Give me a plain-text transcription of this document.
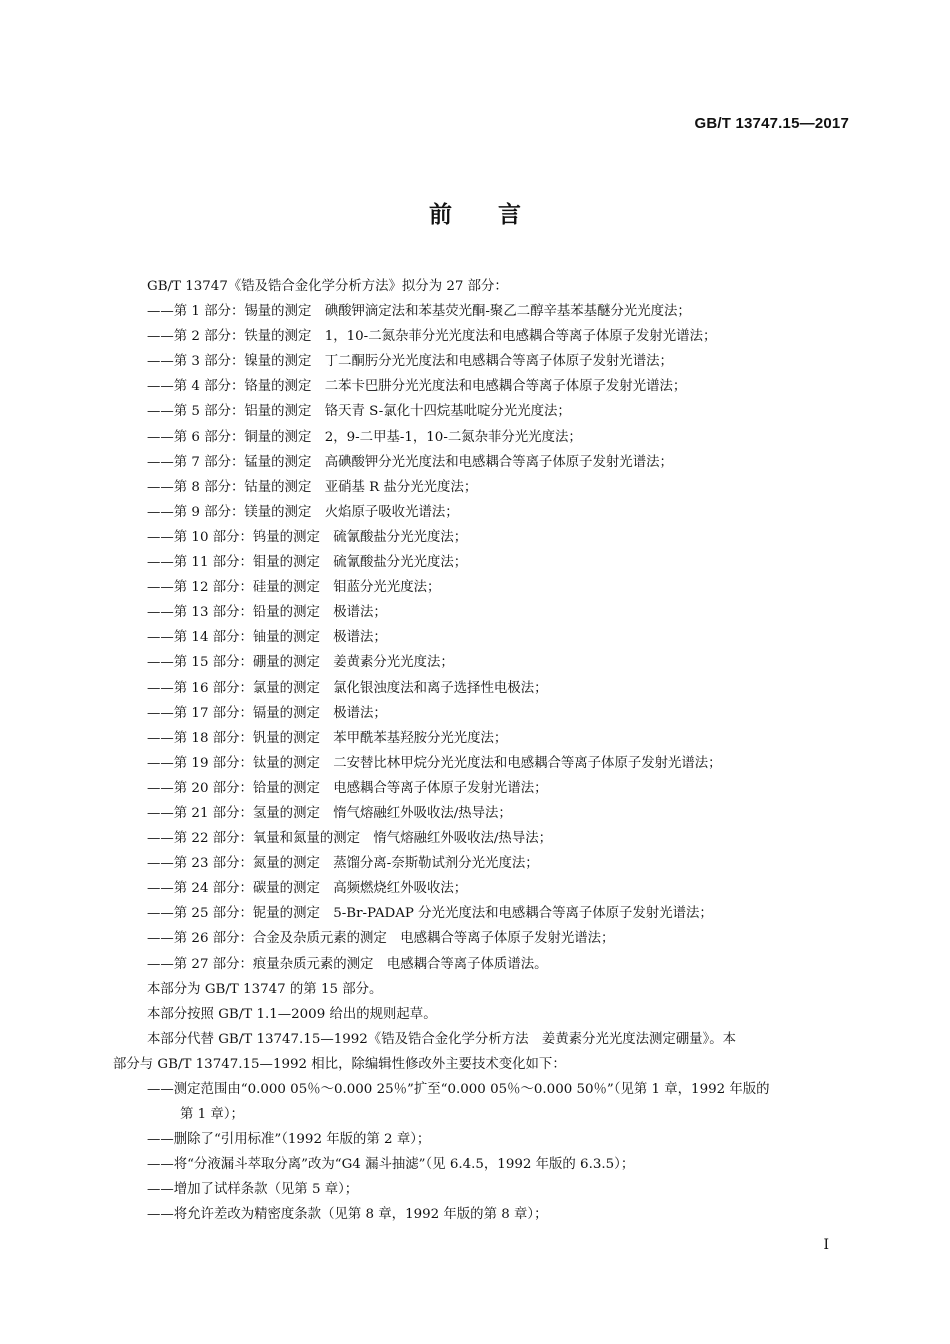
GB/T 13747.15—2017
前言
GB/T 13747《锆及锆合金化学分析方法》拟分为 27 部分：
——第 1 部分：锡量的测定　碘酸钾滴定法和苯基荧光酮-聚乙二醇辛基苯基醚分光光度法；
——第 2 部分：铁量的测定　1，10-二氮杂菲分光光度法和电感耦合等离子体原子发射光谱法；
——第 3 部分：镍量的测定　丁二酮肟分光光度法和电感耦合等离子体原子发射光谱法；
——第 4 部分：铬量的测定　二苯卡巴肼分光光度法和电感耦合等离子体原子发射光谱法；
——第 5 部分：铝量的测定　铬天青 S-氯化十四烷基吡啶分光光度法；
——第 6 部分：铜量的测定　2，9-二甲基-1，10-二氮杂菲分光光度法；
——第 7 部分：锰量的测定　高碘酸钾分光光度法和电感耦合等离子体原子发射光谱法；
——第 8 部分：钴量的测定　亚硝基 R 盐分光光度法；
——第 9 部分：镁量的测定　火焰原子吸收光谱法；
——第 10 部分：钨量的测定　硫氰酸盐分光光度法；
——第 11 部分：钼量的测定　硫氰酸盐分光光度法；
——第 12 部分：硅量的测定　钼蓝分光光度法；
——第 13 部分：铅量的测定　极谱法；
——第 14 部分：铀量的测定　极谱法；
——第 15 部分：硼量的测定　姜黄素分光光度法；
——第 16 部分：氯量的测定　氯化银浊度法和离子选择性电极法；
——第 17 部分：镉量的测定　极谱法；
——第 18 部分：钒量的测定　苯甲酰苯基羟胺分光光度法；
——第 19 部分：钛量的测定　二安替比林甲烷分光光度法和电感耦合等离子体原子发射光谱法；
——第 20 部分：铪量的测定　电感耦合等离子体原子发射光谱法；
——第 21 部分：氢量的测定　惰气熔融红外吸收法/热导法；
——第 22 部分：氧量和氮量的测定　惰气熔融红外吸收法/热导法；
——第 23 部分：氮量的测定　蒸馏分离-奈斯勒试剂分光光度法；
——第 24 部分：碳量的测定　高频燃烧红外吸收法；
——第 25 部分：铌量的测定　5-Br-PADAP 分光光度法和电感耦合等离子体原子发射光谱法；
——第 26 部分：合金及杂质元素的测定　电感耦合等离子体原子发射光谱法；
——第 27 部分：痕量杂质元素的测定　电感耦合等离子体质谱法。
本部分为 GB/T 13747 的第 15 部分。
本部分按照 GB/T 1.1—2009 给出的规则起草。
本部分代替 GB/T 13747.15—1992《锆及锆合金化学分析方法　姜黄素分光光度法测定硼量》。本
部分与 GB/T 13747.15—1992 相比，除编辑性修改外主要技术变化如下：
——测定范围由“0.000 05％～0.000 25％”扩至“0.000 05％～0.000 50％”（见第 1 章，1992 年版的
第 1 章）；
——删除了“引用标准”（1992 年版的第 2 章）；
——将“分液漏斗萃取分离”改为“G4 漏斗抽滤”（见 6.4.5，1992 年版的 6.3.5）；
——增加了试样条款（见第 5 章）；
——将允许差改为精密度条款（见第 8 章，1992 年版的第 8 章）；
I
